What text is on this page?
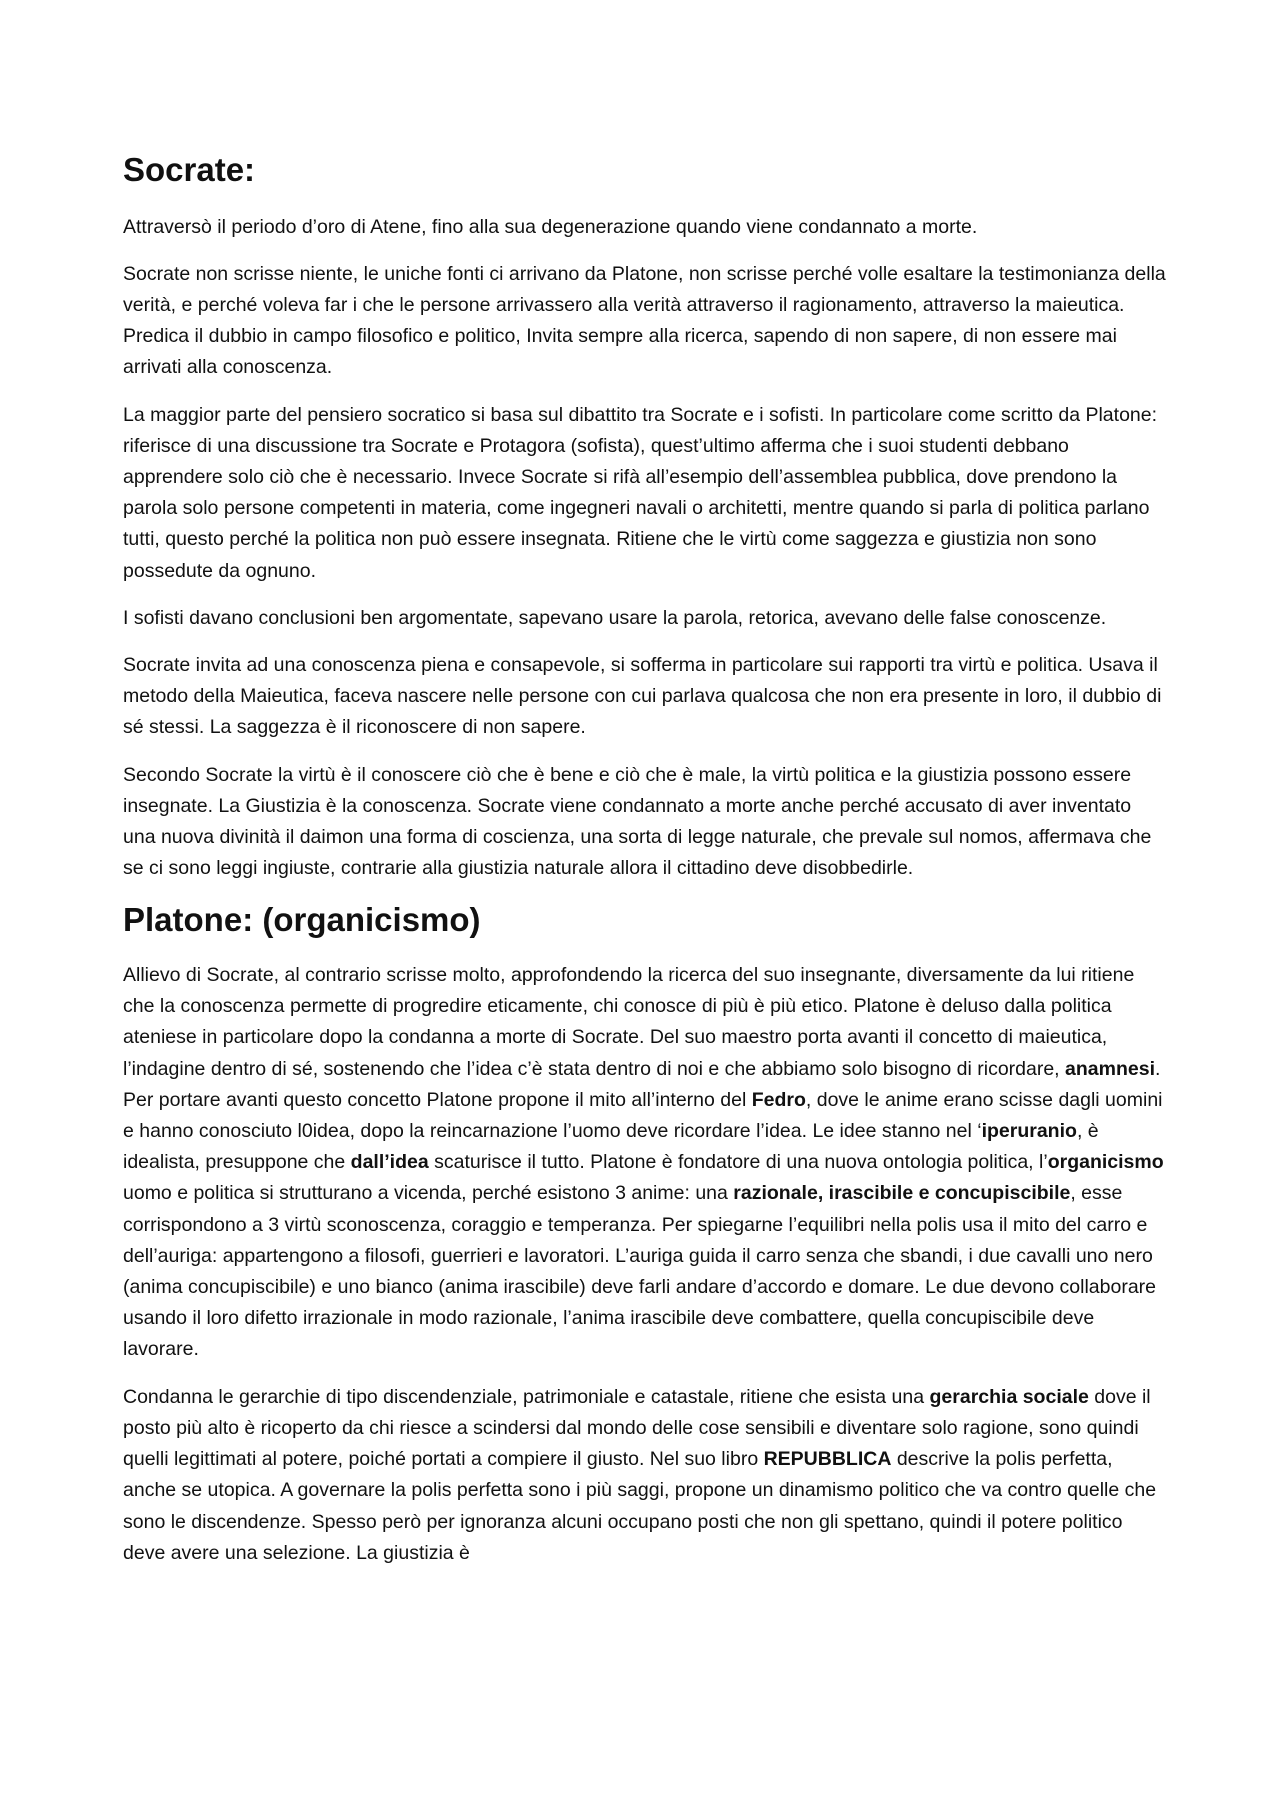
Socrate:

Attraversò il periodo d’oro di Atene, fino alla sua degenerazione quando viene condannato a morte.

Socrate non scrisse niente, le uniche fonti ci arrivano da Platone, non scrisse perché volle esaltare la testimonianza della verità, e perché voleva far i che le persone arrivassero alla verità attraverso il ragionamento, attraverso la maieutica. Predica il dubbio in campo filosofico e politico, Invita sempre alla ricerca, sapendo di non sapere, di non essere mai arrivati alla conoscenza.

La maggior parte del pensiero socratico si basa sul dibattito tra Socrate e i sofisti. In particolare come scritto da Platone: riferisce di una discussione tra Socrate e Protagora (sofista), quest’ultimo afferma che i suoi studenti debbano apprendere solo ciò che è necessario. Invece Socrate si rifà all’esempio dell’assemblea pubblica, dove prendono la parola solo persone competenti in materia, come ingegneri navali o architetti, mentre quando si parla di politica parlano tutti, questo perché la politica non può essere insegnata. Ritiene che le virtù come saggezza e giustizia non sono possedute da ognuno.

I sofisti davano conclusioni ben argomentate, sapevano usare la parola, retorica, avevano delle false conoscenze.

Socrate invita ad una conoscenza piena e consapevole, si sofferma in particolare sui rapporti tra virtù e politica. Usava il metodo della Maieutica, faceva nascere nelle persone con cui parlava qualcosa che non era presente in loro, il dubbio di sé stessi. La saggezza è il riconoscere di non sapere.

Secondo Socrate la virtù è il conoscere ciò che è bene e ciò che è male, la virtù politica e la giustizia possono essere insegnate. La Giustizia è la conoscenza. Socrate viene condannato a morte anche perché accusato di aver inventato una nuova divinità il daimon una forma di coscienza, una sorta di legge naturale, che prevale sul nomos, affermava che se ci sono leggi ingiuste, contrarie alla giustizia naturale allora il cittadino deve disobbedirle.

Platone: (organicismo)

Allievo di Socrate, al contrario scrisse molto, approfondendo la ricerca del suo insegnante, diversamente da lui ritiene che la conoscenza permette di progredire eticamente, chi conosce di più è più etico. Platone è deluso dalla politica ateniese in particolare dopo la condanna a morte di Socrate. Del suo maestro porta avanti il concetto di maieutica, l’indagine dentro di sé, sostenendo che l’idea c’è stata dentro di noi e che abbiamo solo bisogno di ricordare, anamnesi. Per portare avanti questo concetto Platone propone il mito all’interno del Fedro, dove le anime erano scisse dagli uomini e hanno conosciuto l0idea, dopo la reincarnazione l’uomo deve ricordare l’idea. Le idee stanno nel ‘iperuranio, è idealista, presuppone che dall’idea scaturisce il tutto. Platone è fondatore di una nuova ontologia politica, l’organicismo uomo e politica si strutturano a vicenda, perché esistono 3 anime: una razionale, irascibile e concupiscibile, esse corrispondono a 3 virtù sconoscenza, coraggio e temperanza. Per spiegarne l’equilibri nella polis usa il mito del carro e dell’auriga: appartengono a filosofi, guerrieri e lavoratori. L’auriga guida il carro senza che sbandi, i due cavalli uno nero (anima concupiscibile) e uno bianco (anima irascibile) deve farli andare d’accordo e domare. Le due devono collaborare usando il loro difetto irrazionale in modo razionale, l’anima irascibile deve combattere, quella concupiscibile deve lavorare.

Condanna le gerarchie di tipo discendenziale, patrimoniale e catastale, ritiene che esista una gerarchia sociale dove il posto più alto è ricoperto da chi riesce a scindersi dal mondo delle cose sensibili e diventare solo ragione, sono quindi quelli legittimati al potere, poiché portati a compiere il giusto. Nel suo libro REPUBBLICA descrive la polis perfetta, anche se utopica. A governare la polis perfetta sono i più saggi, propone un dinamismo politico che va contro quelle che sono le discendenze. Spesso però per ignoranza alcuni occupano posti che non gli spettano, quindi il potere politico deve avere una selezione. La giustizia è
